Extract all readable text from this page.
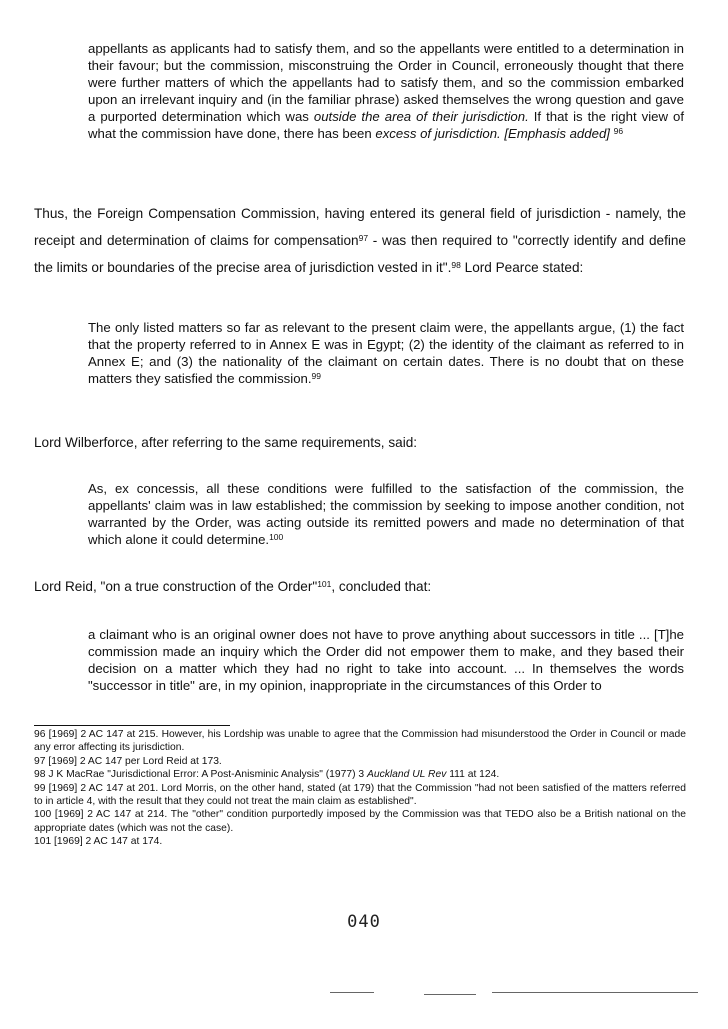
appellants as applicants had to satisfy them, and so the appellants were entitled to a determination in their favour; but the commission, misconstruing the Order in Council, erroneously thought that there were further matters of which the appellants had to satisfy them, and so the commission embarked upon an irrelevant inquiry and (in the familiar phrase) asked themselves the wrong question and gave a purported determination which was outside the area of their jurisdiction. If that is the right view of what the commission have done, there has been excess of jurisdiction. [Emphasis added] $^{96}$

Thus, the Foreign Compensation Commission, having entered its general field of jurisdiction - namely, the receipt and determination of claims for compensation$^{97}$ - was then required to "correctly identify and define the limits or boundaries of the precise area of jurisdiction vested in it".$^{98}$ Lord Pearce stated:

The only listed matters so far as relevant to the present claim were, the appellants argue, (1) the fact that the property referred to in Annex E was in Egypt; (2) the identity of the claimant as referred to in Annex E; and (3) the nationality of the claimant on certain dates. There is no doubt that on these matters they satisfied the commission.$^{99}$

Lord Wilberforce, after referring to the same requirements, said:

As, ex concessis, all these conditions were fulfilled to the satisfaction of the commission, the appellants' claim was in law established; the commission by seeking to impose another condition, not warranted by the Order, was acting outside its remitted powers and made no determination of that which alone it could determine.$^{100}$

Lord Reid, "on a true construction of the Order"$^{101}$, concluded that:

a claimant who is an original owner does not have to prove anything about successors in title ... [T]he commission made an inquiry which the Order did not empower them to make, and they based their decision on a matter which they had no right to take into account. ... In themselves the words "successor in title" are, in my opinion, inappropriate in the circumstances of this Order to

96 [1969] 2 AC 147 at 215. However, his Lordship was unable to agree that the Commission had misunderstood the Order in Council or made any error affecting its jurisdiction.

97 [1969] 2 AC 147 per Lord Reid at 173.

98 J K MacRae "Jurisdictional Error: A Post-Anisminic Analysis" (1977) 3 Auckland UL Rev 111 at 124.

99 [1969] 2 AC 147 at 201. Lord Morris, on the other hand, stated (at 179) that the Commission "had not been satisfied of the matters referred to in article 4, with the result that they could not treat the main claim as established".

100 [1969] 2 AC 147 at 214. The "other" condition purportedly imposed by the Commission was that TEDO also be a British national on the appropriate dates (which was not the case).

101 [1969] 2 AC 147 at 174.

040
